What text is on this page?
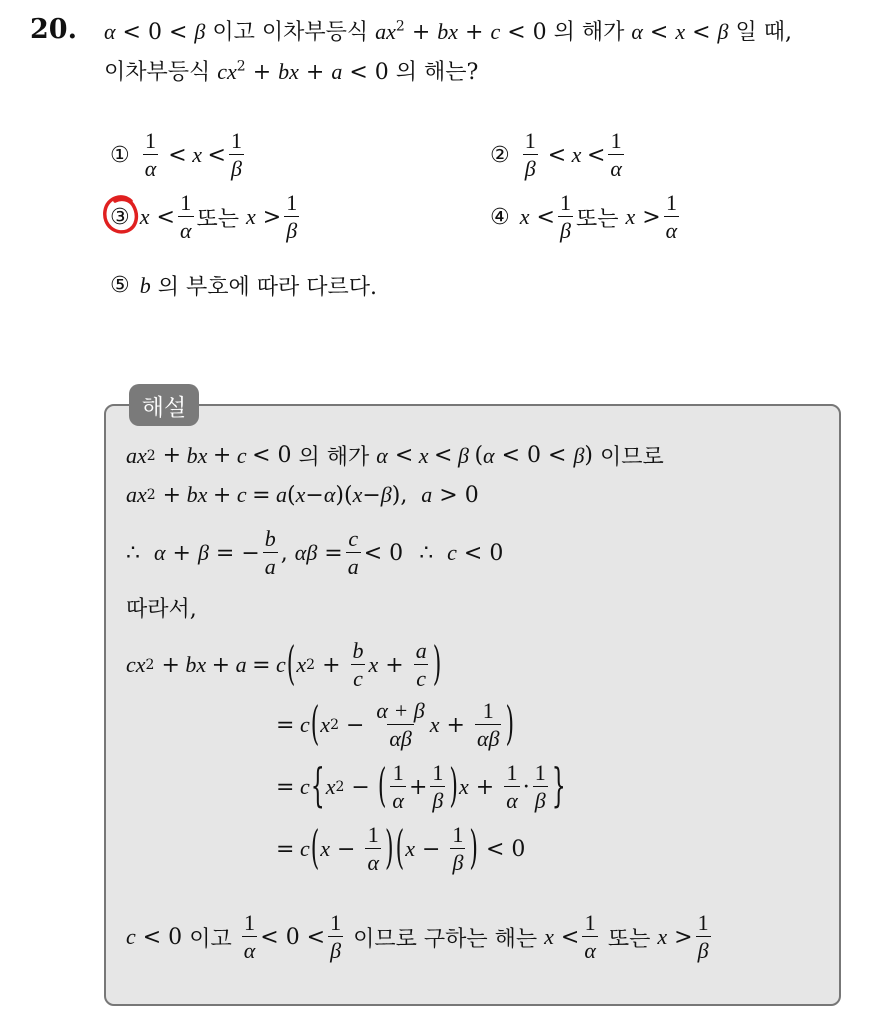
20. α < 0 < β 이고 이차부등식 $ax^2$ + bx + c < 0 의 해가 α < x < β 일 때,
이차부등식 $cx^2$ + bx + a < 0 의 해는?
① $\frac{1}{\alpha} < x < \frac{1}{\beta}$	② $\frac{1}{\beta} < x < \frac{1}{\alpha}$
③ $x < \frac{1}{\alpha}$ 또는
$x > \frac{1}{\beta}$	④ $x < \frac{1}{\beta}$ 또는
$x > \frac{1}{\alpha}$
⑤ b
의 부호에 따라 다르다.
해설
ax 2 + bx + c < 0 의 해가
α < x < β ( α < 0 < β ) 이므로
ax 2 + bx + c = a ( x − α )( x − β ), a > 0
∴ α + β = − $\frac{b}{a}$ , $\alpha\beta = \frac{c}{a} < 0$
∴ c < 0
따라서,
cx 2 + bx + a = c ( x $2 + \frac{b}{c}$ $x + \frac{a}{c}$ )
= c ( x $2 - \frac{\alpha + \beta}{\alpha\beta}$ $x + \frac{1}{\alpha\beta}$ )
= c { x 2 − ( $\frac{1}{\alpha} + \frac{1}{\beta}$ ) $x + \frac{1}{\alpha} \cdot \frac{1}{\beta}$ }
= c ( $x - \frac{1}{\alpha}$ ) ( $x - \frac{1}{\beta}$ ) < 0
c < 0 이고
$\frac{1}{\alpha} < 0 < \frac{1}{\beta}$
이므로 구하는 해는
$x < \frac{1}{\alpha}$
또는
$x > \frac{1}{\beta}$
